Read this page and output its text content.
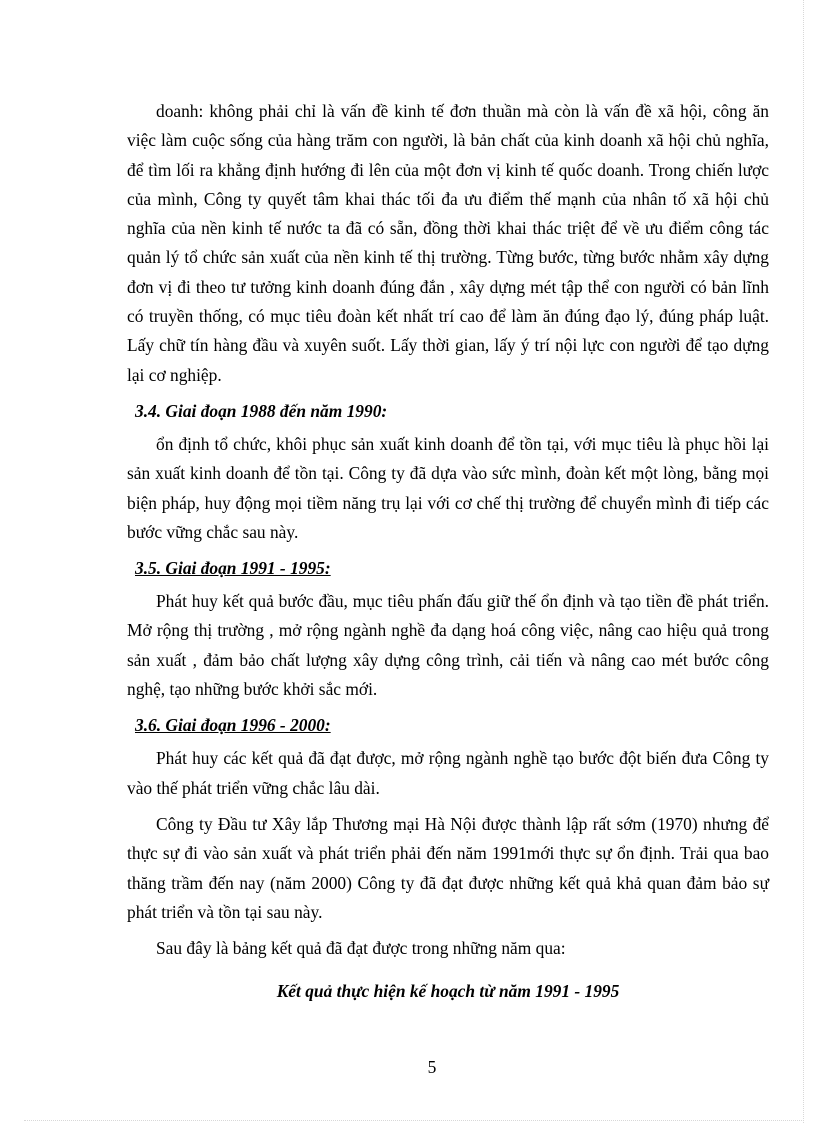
doanh: không phải chỉ là vấn đề kinh tế đơn thuần mà còn là vấn đề xã hội, công ăn việc làm cuộc sống của hàng trăm con người, là bản chất của kinh doanh xã hội chủ nghĩa, để tìm lối ra khẳng định hướng đi lên của một đơn vị kinh tế quốc doanh. Trong chiến lược của mình, Công ty quyết tâm khai thác tối đa ưu điểm thế mạnh của nhân tố xã hội chủ nghĩa của nền kinh tế nước ta đã có sẵn, đồng thời khai thác triệt để về ưu điểm công tác quản lý tổ chức sản xuất của nền kinh tế thị trường. Từng bước, từng bước nhằm xây dựng đơn vị đi theo tư tưởng kinh doanh đúng đắn , xây dựng mét tập thể con người có bản lĩnh có truyền thống, có mục tiêu đoàn kết nhất trí cao để làm ăn đúng đạo lý, đúng pháp luật. Lấy chữ tín hàng đầu và xuyên suốt. Lấy thời gian, lấy ý trí nội lực con người để tạo dựng lại cơ nghiệp.

3.4. Giai đoạn 1988 đến năm 1990:

ổn định tổ chức, khôi phục sản xuất kinh doanh để tồn tại, với mục tiêu là phục hồi lại sản xuất kinh doanh để tồn tại. Công ty đã dựa vào sức mình, đoàn kết một lòng, bằng mọi biện pháp, huy động mọi tiềm năng trụ lại với cơ chế thị trường để chuyển mình đi tiếp các bước vững chắc sau này.

3.5. Giai đoạn 1991 - 1995:

Phát huy kết quả bước đầu, mục tiêu phấn đấu giữ thế ổn định và tạo tiền đề phát triển. Mở rộng thị trường , mở rộng ngành nghề đa dạng hoá công việc, nâng cao hiệu quả trong sản xuất , đảm bảo chất lượng xây dựng công trình, cải tiến và nâng cao mét bước công nghệ, tạo những bước khởi sắc mới.

3.6. Giai đoạn 1996 - 2000:

Phát huy các kết quả đã đạt được, mở rộng ngành nghề tạo bước đột biến đưa Công ty vào thế phát triển vững chắc lâu dài.

Công ty Đầu tư Xây lắp Thương mại Hà Nội được thành lập rất sớm (1970) nhưng để thực sự đi vào sản xuất và phát triển phải đến năm 1991mới thực sự ổn định. Trải qua bao thăng trầm đến nay (năm 2000) Công ty đã đạt được những kết quả khả quan đảm bảo sự phát triển và tồn tại sau này.

Sau đây là bảng kết quả đã đạt được trong những năm qua:

Kết quả thực hiện kế hoạch từ năm 1991 - 1995
5
